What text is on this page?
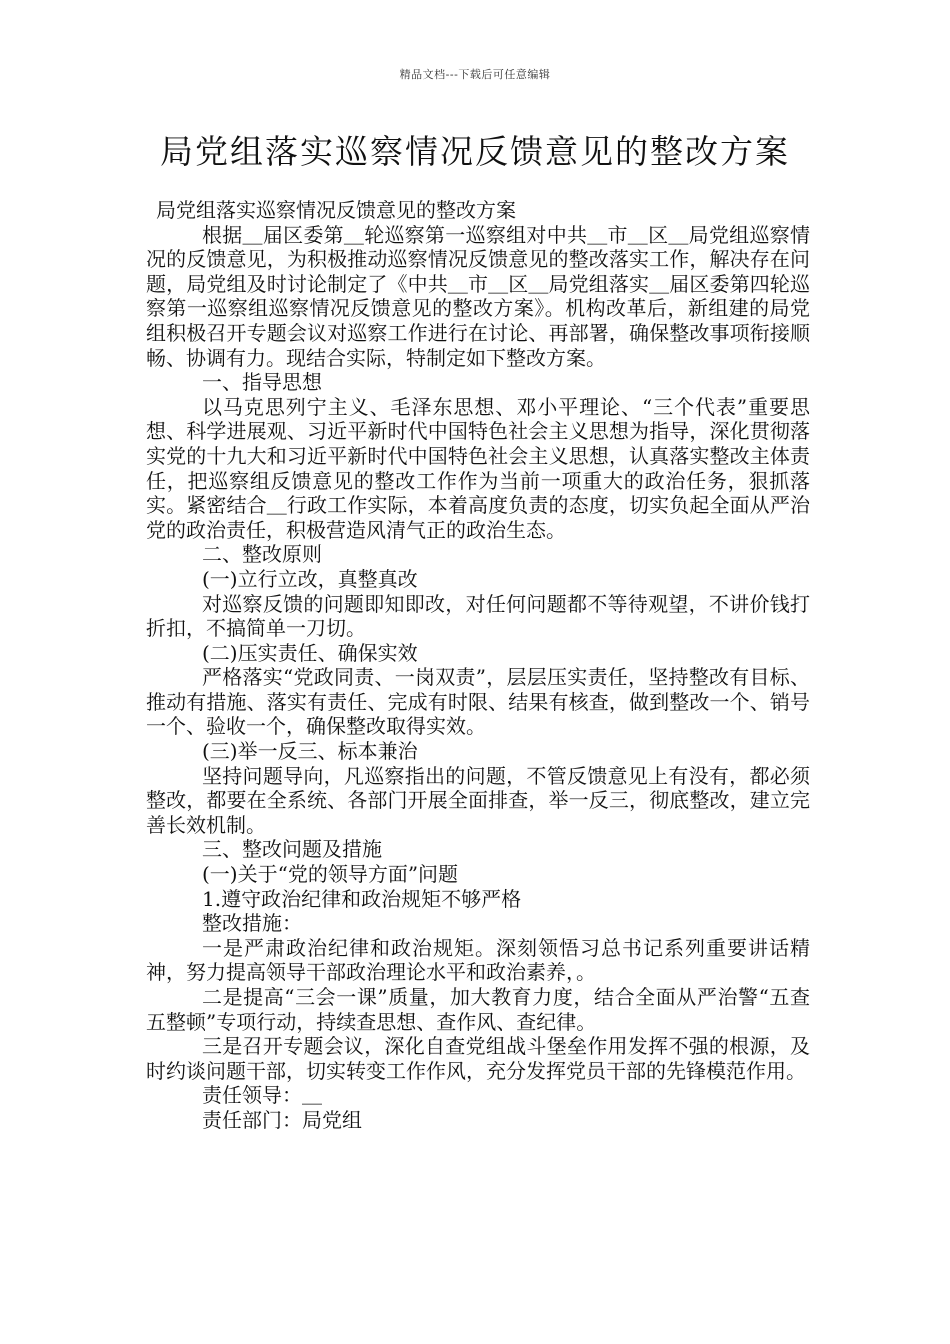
精品文档---下载后可任意编辑
局党组落实巡察情况反馈意见的整改方案

局党组落实巡察情况反馈意见的整改方案

根据＿届区委第＿轮巡察第一巡察组对中共＿市＿区＿局党组巡察情况的反馈意见，为积极推动巡察情况反馈意见的整改落实工作，解决存在问题，局党组及时讨论制定了《中共＿市＿区＿局党组落实＿届区委第四轮巡察第一巡察组巡察情况反馈意见的整改方案》。机构改革后，新组建的局党组积极召开专题会议对巡察工作进行在讨论、再部署，确保整改事项衔接顺畅、协调有力。现结合实际，特制定如下整改方案。

一、指导思想

以马克思列宁主义、毛泽东思想、邓小平理论、“三个代表”重要思想、科学进展观、习近平新时代中国特色社会主义思想为指导，深化贯彻落实党的十九大和习近平新时代中国特色社会主义思想，认真落实整改主体责任，把巡察组反馈意见的整改工作作为当前一项重大的政治任务，狠抓落实。紧密结合＿行政工作实际，本着高度负责的态度，切实负起全面从严治党的政治责任，积极营造风清气正的政治生态。

二、整改原则

(一)立行立改，真整真改

对巡察反馈的问题即知即改，对任何问题都不等待观望，不讲价钱打折扣，不搞简单一刀切。

(二)压实责任、确保实效

严格落实“党政同责、一岗双责”，层层压实责任，坚持整改有目标、推动有措施、落实有责任、完成有时限、结果有核查，做到整改一个、销号一个、验收一个，确保整改取得实效。

(三)举一反三、标本兼治

坚持问题导向，凡巡察指出的问题，不管反馈意见上有没有，都必须整改，都要在全系统、各部门开展全面排查，举一反三，彻底整改，建立完善长效机制。

三、整改问题及措施

(一)关于“党的领导方面”问题

1.遵守政治纪律和政治规矩不够严格

整改措施：

一是严肃政治纪律和政治规矩。深刻领悟习总书记系列重要讲话精神，努力提高领导干部政治理论水平和政治素养，。

二是提高“三会一课”质量，加大教育力度，结合全面从严治警“五查五整顿”专项行动，持续查思想、查作风、查纪律。

三是召开专题会议，深化自查党组战斗堡垒作用发挥不强的根源，及时约谈问题干部，切实转变工作作风，充分发挥党员干部的先锋模范作用。

责任领导：＿

责任部门：局党组
